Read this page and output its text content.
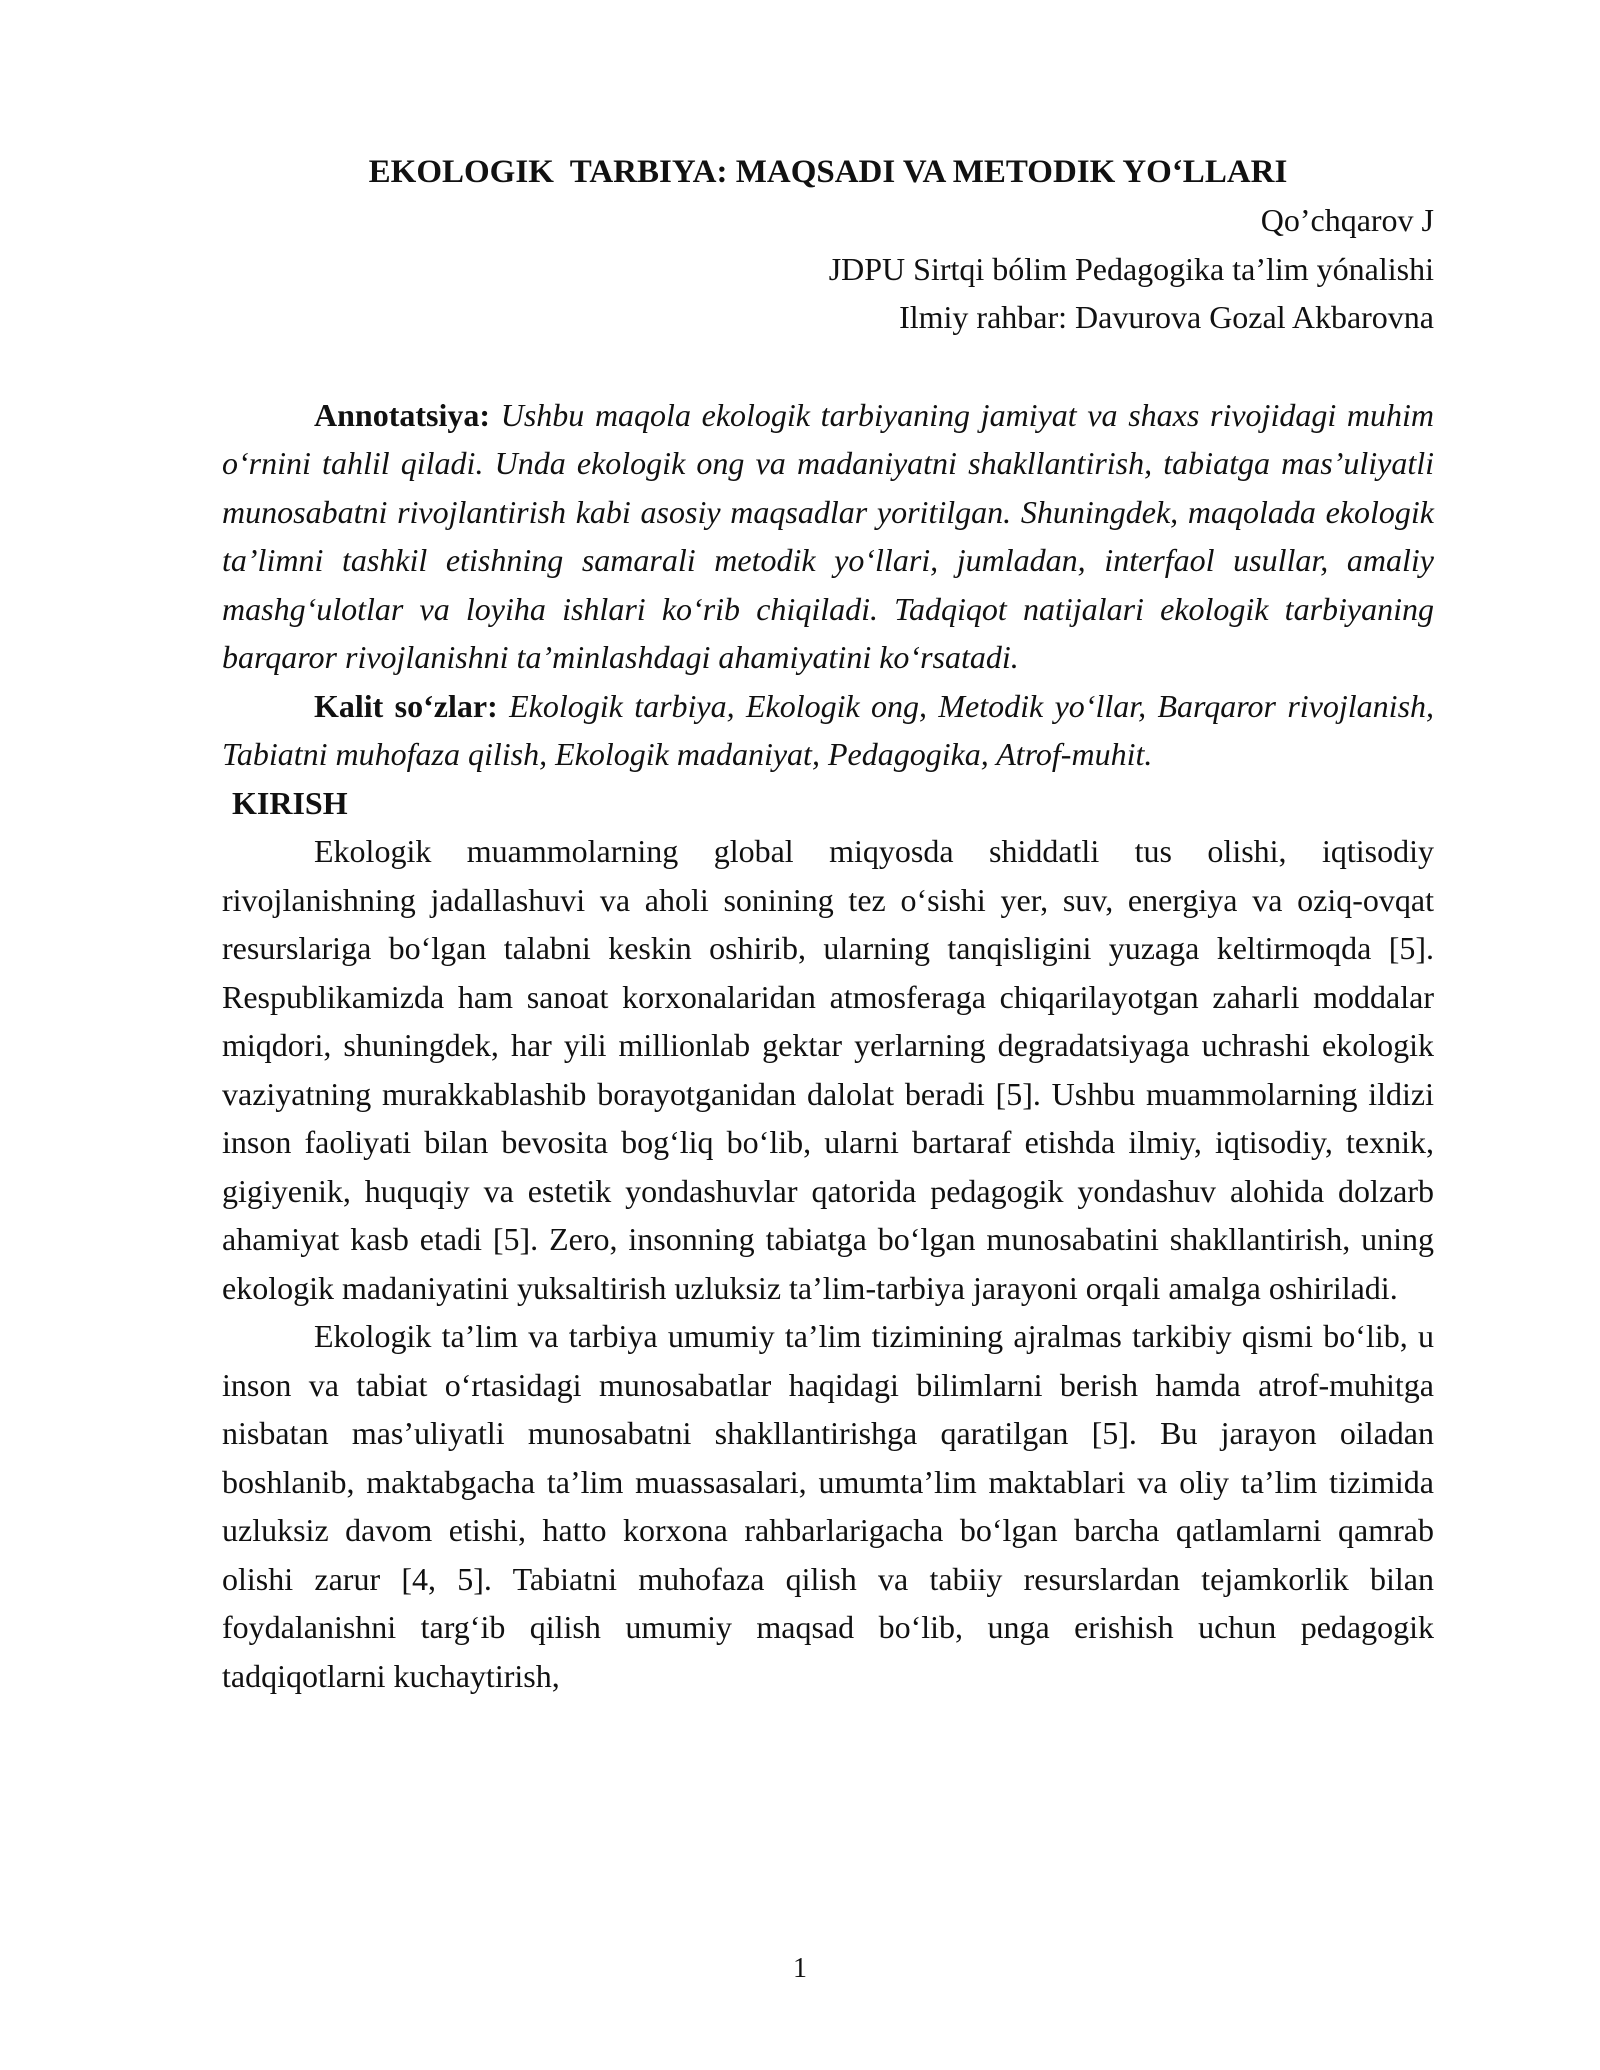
EKOLOGIK  TARBIYA: MAQSADI VA METODIK YO‘LLARI

Qo’chqarov J

JDPU Sirtqi bólim Pedagogika ta’lim yónalishi

Ilmiy rahbar: Davurova Gozal Akbarovna

Annotatsiya: Ushbu maqola ekologik tarbiyaning jamiyat va shaxs rivojidagi muhim o‘rnini tahlil qiladi. Unda ekologik ong va madaniyatni shakllantirish, tabiatga mas’uliyatli munosabatni rivojlantirish kabi asosiy maqsadlar yoritilgan. Shuningdek, maqolada ekologik ta’limni tashkil etishning samarali metodik yo‘llari, jumladan, interfaol usullar, amaliy mashg‘ulotlar va loyiha ishlari ko‘rib chiqiladi. Tadqiqot natijalari ekologik tarbiyaning barqaror rivojlanishni ta’minlashdagi ahamiyatini ko‘rsatadi.

Kalit so‘zlar: Ekologik tarbiya, Ekologik ong, Metodik yo‘llar, Barqaror rivojlanish, Tabiatni muhofaza qilish, Ekologik madaniyat, Pedagogika, Atrof-muhit.

KIRISH

Ekologik muammolarning global miqyosda shiddatli tus olishi, iqtisodiy rivojlanishning jadallashuvi va aholi sonining tez o‘sishi yer, suv, energiya va oziq-ovqat resurslariga bo‘lgan talabni keskin oshirib, ularning tanqisligini yuzaga keltirmoqda [5]. Respublikamizda ham sanoat korxonalaridan atmosferaga chiqarilayotgan zaharli moddalar miqdori, shuningdek, har yili millionlab gektar yerlarning degradatsiyaga uchrashi ekologik vaziyatning murakkablashib borayotganidan dalolat beradi [5]. Ushbu muammolarning ildizi inson faoliyati bilan bevosita bog‘liq bo‘lib, ularni bartaraf etishda ilmiy, iqtisodiy, texnik, gigiyenik, huquqiy va estetik yondashuvlar qatorida pedagogik yondashuv alohida dolzarb ahamiyat kasb etadi [5]. Zero, insonning tabiatga bo‘lgan munosabatini shakllantirish, uning ekologik madaniyatini yuksaltirish uzluksiz ta’lim-tarbiya jarayoni orqali amalga oshiriladi.

Ekologik ta’lim va tarbiya umumiy ta’lim tizimining ajralmas tarkibiy qismi bo‘lib, u inson va tabiat o‘rtasidagi munosabatlar haqidagi bilimlarni berish hamda atrof-muhitga nisbatan mas’uliyatli munosabatni shakllantirishga qaratilgan [5]. Bu jarayon oiladan boshlanib, maktabgacha ta’lim muassasalari, umumta’lim maktablari va oliy ta’lim tizimida uzluksiz davom etishi, hatto korxona rahbarlarigacha bo‘lgan barcha qatlamlarni qamrab olishi zarur [4, 5]. Tabiatni muhofaza qilish va tabiiy resurslardan tejamkorlik bilan foydalanishni targ‘ib qilish umumiy maqsad bo‘lib, unga erishish uchun pedagogik tadqiqotlarni kuchaytirish,

1
